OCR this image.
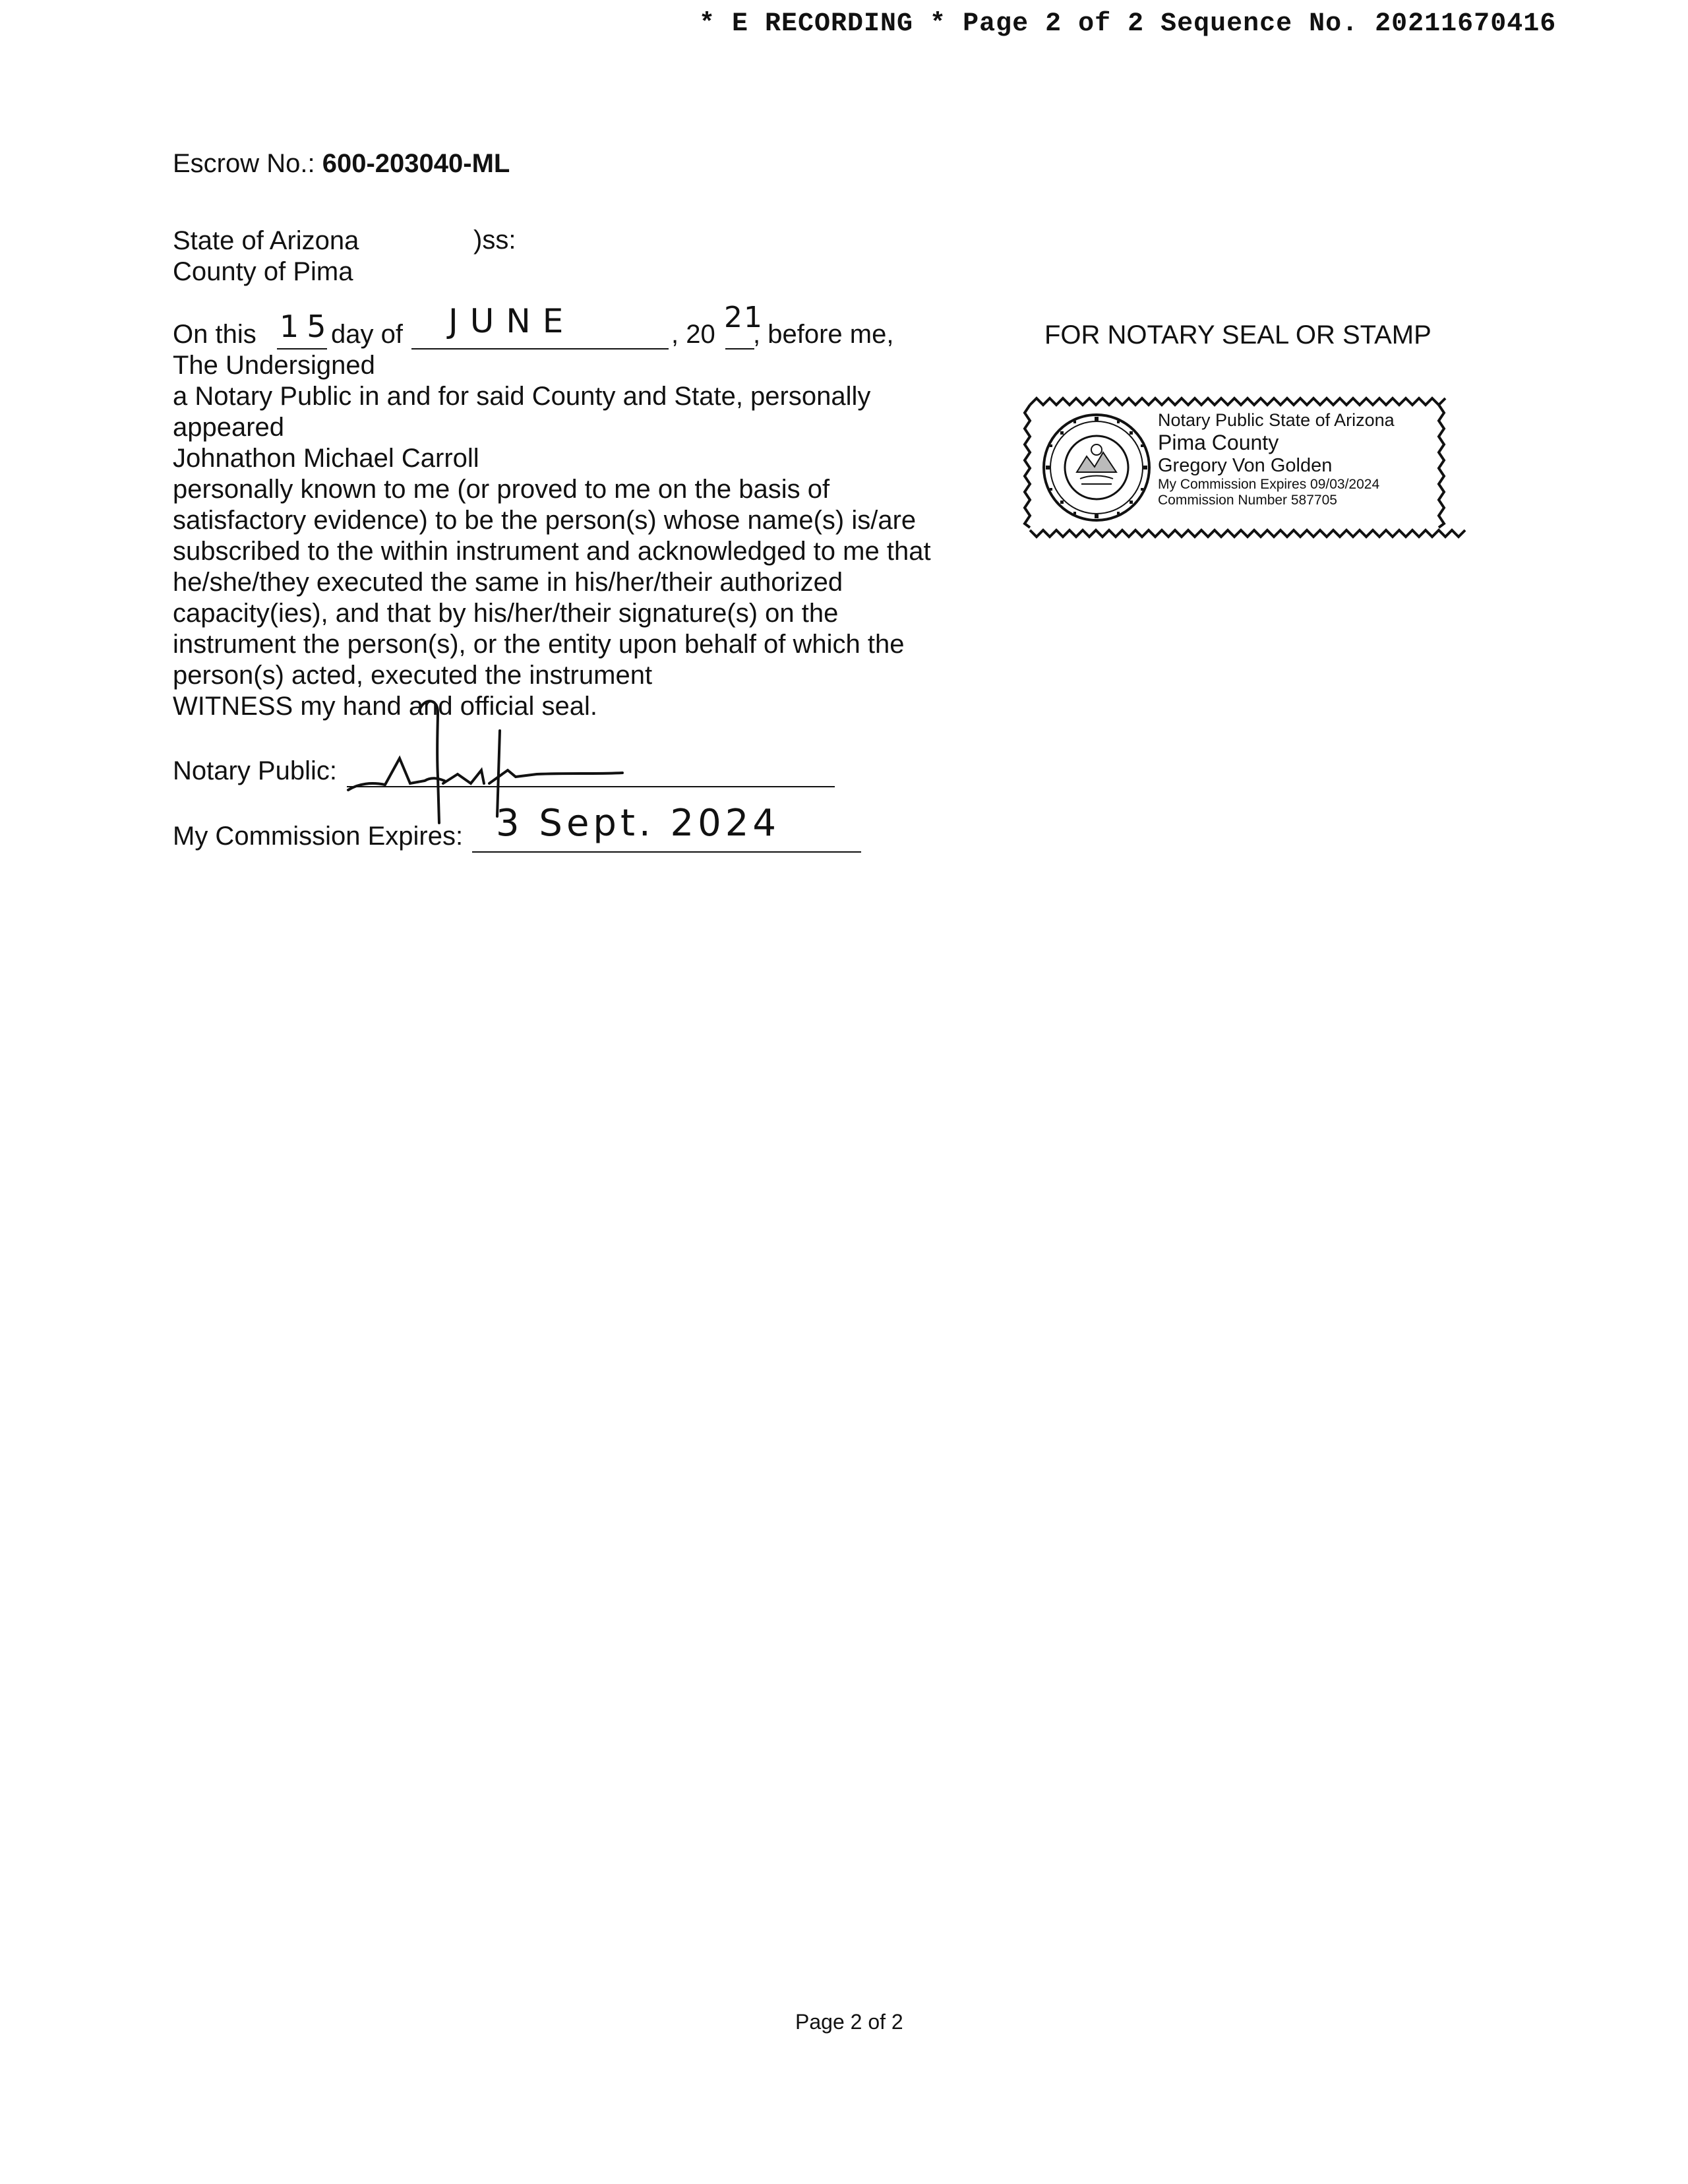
* E RECORDING * Page 2 of 2 Sequence No. 20211670416
Escrow No.: 600-203040-ML
State of Arizona	)ss:
County of Pima
On this 15
day of JUNE	, 20 21
, before me,
The Undersigned
a Notary Public in and for said County and State, personally
appeared
Johnathon Michael Carroll
personally known to me (or proved to me on the basis of
satisfactory evidence) to be the person(s) whose name(s) is/are
subscribed to the within instrument and acknowledged to me that
he/she/they executed the same in his/her/their authorized
capacity(ies), and that by his/her/their signature(s) on the
instrument the person(s), or the entity upon behalf of which the
person(s) acted, executed the instrument
WITNESS my hand and official seal.
Notary Public:
My Commission Expires: 3 Sept. 2024
FOR NOTARY SEAL OR STAMP
Notary Public State of Arizona
Pima County
Gregory Von Golden
My Commission Expires 09/03/2024
Commission Number 587705
Page 2 of 2
